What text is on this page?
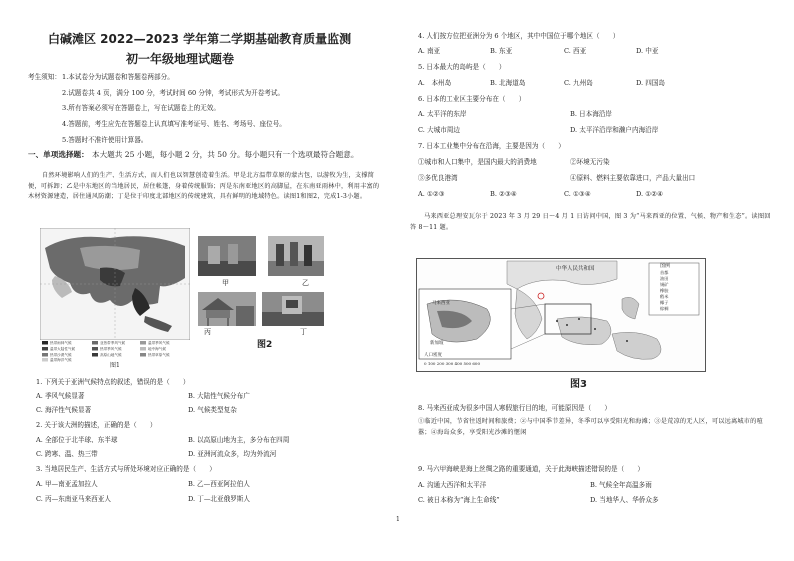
白碱滩区 2022—2023 学年第二学期基础教育质量监测
初一年级地理试题卷
考生须知： 1.本试卷分为试题卷和答题卷两部分。
2.试题卷共 4 页，满分 100 分，考试时间 60 分钟，考试形式为开卷考试。
3.所有答案必须写在答题卷上，写在试题卷上的无效。
4.答题前，考生应先在答题卷上认真填写准考证号、姓名、考场号、座位号。
5.答题时不准许使用计算器。
一、单项选择题： 本大题共 25 小题，每小题 2 分，共 50 分。每小题只有一个选项最符合题意。
自然环境影响人们的生产、生活方式，而人们也以智慧创造着生活。甲是北方温带草原的蒙古包，以游牧为生，支撑简便，可拆卸；乙是中东地区的当地居民，居住帐篷，身着传统服饰；丙是东南亚地区的高脚屋，在东南亚雨林中，利用丰富的木材资源建造，居住通风防潮；丁是位于印度北部地区的传统建筑，具有鲜明的地域特色。读图1和图2，完成1-3小题。
热带雨林气候	亚热带季风气候	温带季风气候
温带大陆性气候	热带季风气候	地中海气候
热带沙漠气候	高原山地气候	热带草原气候
温带海洋气候
图1
甲	乙
丙	丁
图2
1. 下列关于亚洲气候特点的叙述，错误的是（　　）
A. 季风气候显著	B. 大陆性气候分布广
C. 海洋性气候显著	D. 气候类型复杂
2. 关于该大洲的描述，正确的是（　　）
A. 全部位于北半球、东半球	B. 以高原山地为主，多分布在四周
C. 跨寒、温、热三带	D. 亚洲河流众多，均为外流河
3. 当地居民生产、生活方式与所处环境对应正确的是（　　）
A. 甲—南亚孟加拉人	B. 乙—西亚阿拉伯人
C. 丙—东南亚马来西亚人	D. 丁—北亚俄罗斯人
4. 人们按方位把亚洲分为 6 个地区，其中中国位于哪个地区（　　）
A. 南亚	B. 东亚	C. 西亚	D. 中亚
5. 日本最大的岛屿是（　　）
A.　本州岛	B. 北海道岛	C. 九州岛	D. 四国岛
6. 日本的工业区主要分布在（　　）
A. 太平洋的东岸	B. 日本海沿岸
C. 大城市周边	D. 太平洋沿岸和濑户内海沿岸
7. 日本工业集中分布在沿海，主要是因为（　　）
①城市和人口集中，是国内最大的消费地	②环境无污染
③多优良港湾	④原料、燃料主要依靠进口，产品大量出口
A. ①②③	B. ②③④	C. ①③④	D. ①②④
马来西亚总理安瓦尔于 2023 年 3 月 29 日～4 月 1 日访问中国，图 3 为“马来西亚的位置、气候、物产和生态”。读图回答 8～11 题。
中华人民共和国	图例
首都
油田
锡矿
橡胶
稻米
椰子
棕榈
马来西亚
新加坡
人口密度
0 100 200 300 400 500 600
图3
8. 马来西亚成为很多中国人寒假旅行目的地，可能原因是（　　）
①临近中国，节省往返时间和旅费；②与中国季节差异，冬季可以享受阳光和海滩；③是荒凉的无人区，可以远离城市的喧嚣；④海岛众多，享受阳光沙滩的惬闲
9. 马六甲海峡是海上丝绸之路的重要通道，关于此海峡描述错误的是（　　）
A. 沟通大西洋和太平洋	B. 气候全年高温多雨
C. 被日本称为“海上生命线”	D. 当地华人、华侨众多
1
